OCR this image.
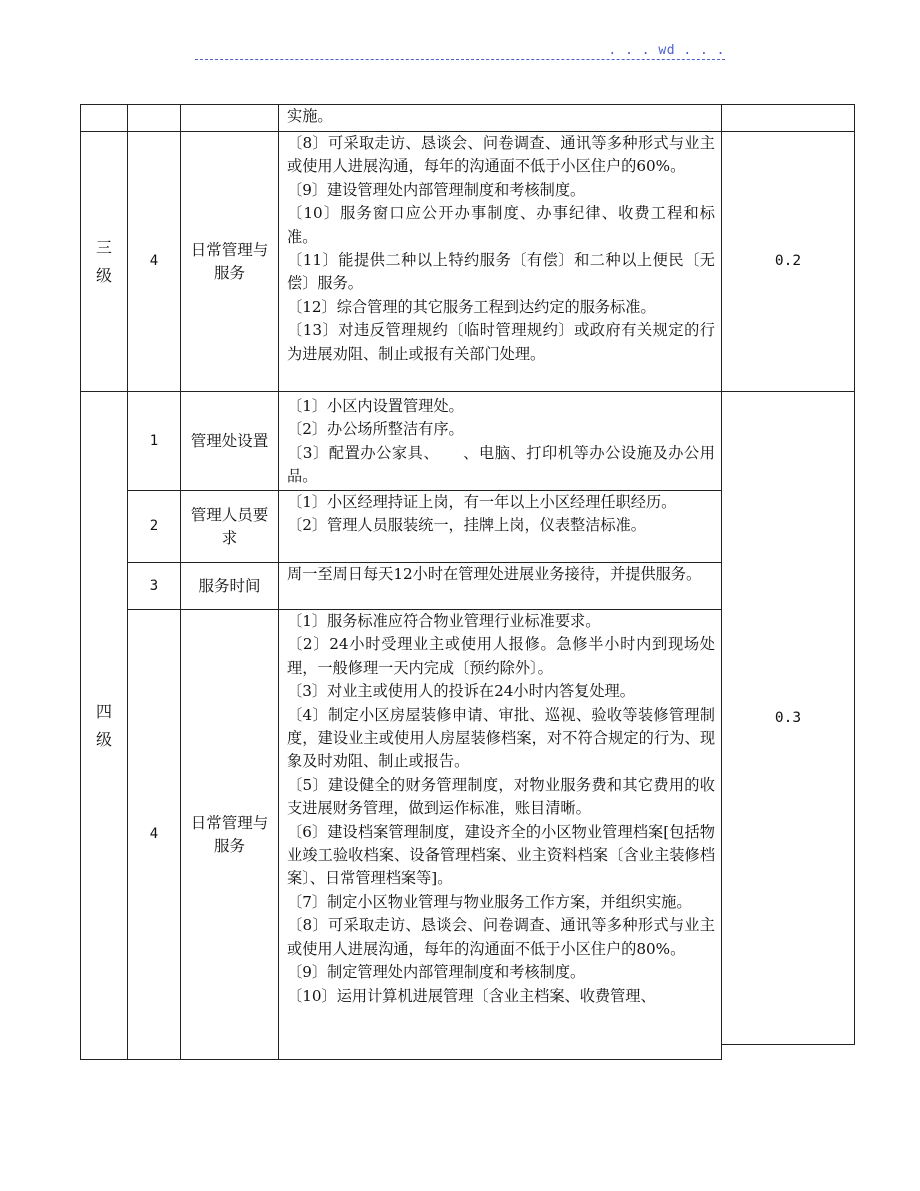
. . . wd . . .
实施。
三级
4
日常管理与服务
〔8〕可采取走访、恳谈会、问卷调查、通讯等多种形式与业主或使用人进展沟通，每年的沟通面不低于小区住户的60%。
〔9〕建设管理处内部管理制度和考核制度。
〔10〕服务窗口应公开办事制度、办事纪律、收费工程和标准。
〔11〕能提供二种以上特约服务〔有偿〕和二种以上便民〔无偿〕服务。
〔12〕综合管理的其它服务工程到达约定的服务标准。
〔13〕对违反管理规约〔临时管理规约〕或政府有关规定的行为进展劝阻、制止或报有关部门处理。
0.2
四级
1	管理处设置
〔1〕小区内设置管理处。
〔2〕办公场所整洁有序。
〔3〕配置办公家具、　　、电脑、打印机等办公设施及办公用品。
2
管理人员要求
〔1〕小区经理持证上岗，有一年以上小区经理任职经历。
〔2〕管理人员服装统一，挂牌上岗，仪表整洁标准。
3	服务时间
周一至周日每天12小时在管理处进展业务接待，并提供服务。
4
日常管理与服务
〔1〕服务标准应符合物业管理行业标准要求。
〔2〕24小时受理业主或使用人报修。急修半小时内到现场处理，一般修理一天内完成〔预约除外〕。
〔3〕对业主或使用人的投诉在24小时内答复处理。
〔4〕制定小区房屋装修申请、审批、巡视、验收等装修管理制度，建设业主或使用人房屋装修档案，对不符合规定的行为、现象及时劝阻、制止或报告。
〔5〕建设健全的财务管理制度，对物业服务费和其它费用的收支进展财务管理，做到运作标准，账目清晰。
〔6〕建设档案管理制度，建设齐全的小区物业管理档案[包括物业竣工验收档案、设备管理档案、业主资料档案〔含业主装修档案〕、日常管理档案等]。
〔7〕制定小区物业管理与物业服务工作方案，并组织实施。
〔8〕可采取走访、恳谈会、问卷调查、通讯等多种形式与业主或使用人进展沟通，每年的沟通面不低于小区住户的80%。
〔9〕制定管理处内部管理制度和考核制度。
〔10〕运用计算机进展管理〔含业主档案、收费管理、
0.3
